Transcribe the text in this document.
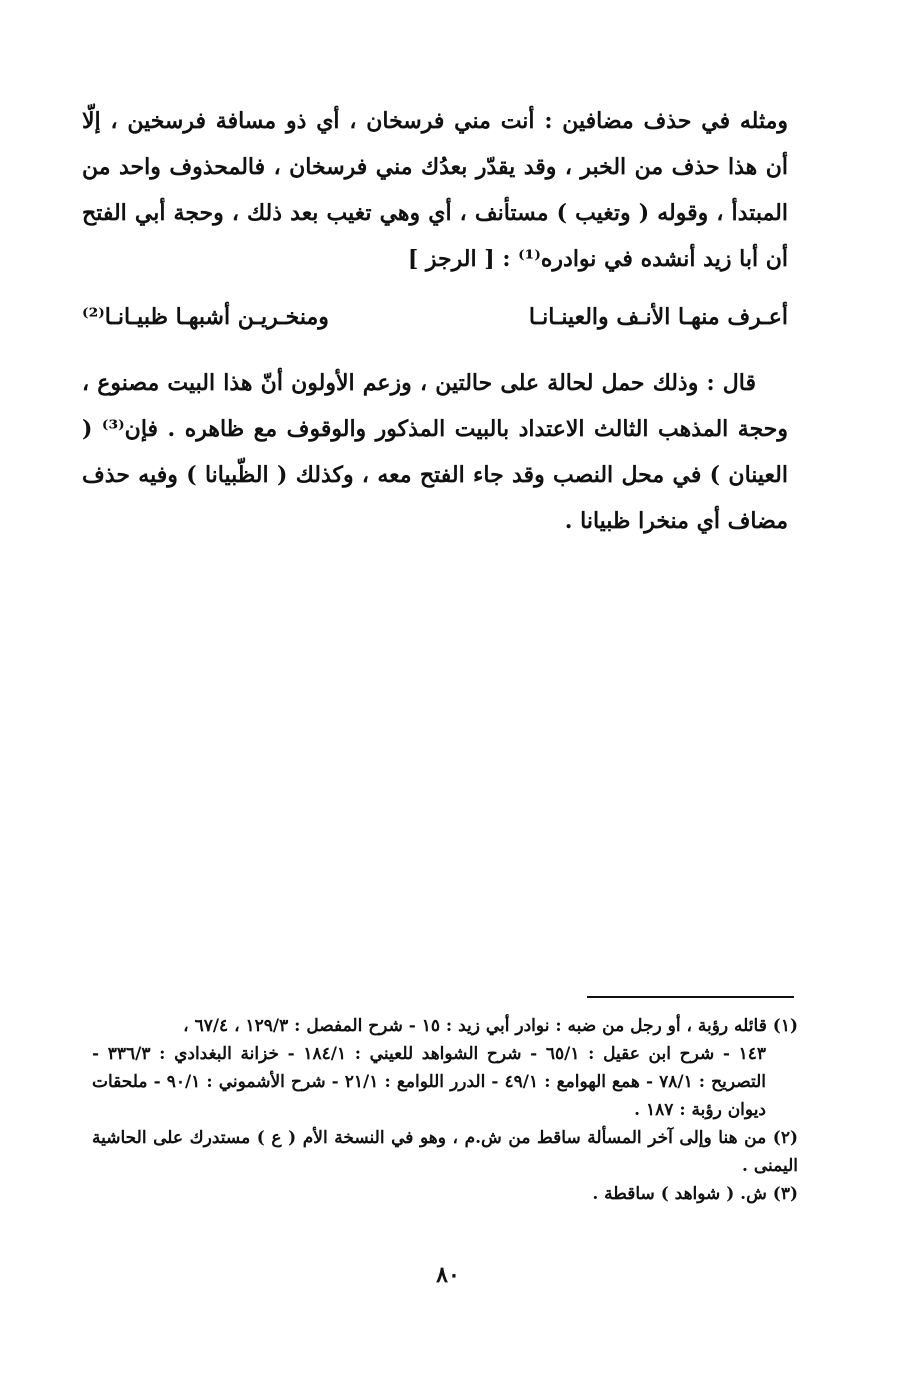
ومثله في حذف مضافين : أنت مني فرسخان ، أي ذو مسافة فرسخين ، إلّا أن هذا حذف من الخبر ، وقد يقدّر بعدُك مني فرسخان ، فالمحذوف واحد من المبتدأ ، وقوله ( وتغيب ) مستأنف ، أي وهي تغيب بعد ذلك ، وحجة أبي الفتح أن أبا زيد أنشده في نوادره⁽¹⁾ : [ الرجز ]

أعـرف منهـا الأنـف والعينـانـا
ومنخـريـن أشبهـا ظبيـانـا⁽²⁾

قال : وذلك حمل لحالة على حالتين ، وزعم الأولون أنّ هذا البيت مصنوع ، وحجة المذهب الثالث الاعتداد بالبيت المذكور والوقوف مع ظاهره . فإن⁽³⁾ ( العينان ) في محل النصب وقد جاء الفتح معه ، وكذلك ( الظّبيانا ) وفيه حذف مضاف أي منخرا ظبيانا .

(١) قائله رؤبة ، أو رجل من ضبه : نوادر أبي زيد : ١٥ - شرح المفصل : ١٢٩/٣ ، ٦٧/٤ ،
١٤٣ - شرح ابن عقيل : ٦٥/١ - شرح الشواهد للعيني : ١٨٤/١ - خزانة البغدادي : ٣٣٦/٣ - التصريح : ٧٨/١ - همع الهوامع : ٤٩/١ - الدرر اللوامع : ٢١/١ - شرح الأشموني : ٩٠/١ - ملحقات ديوان رؤبة : ١٨٧ .

(٢) من هنا وإلى آخر المسألة ساقط من ش.م ، وهو في النسخة الأم ( ع ) مستدرك على الحاشية اليمنى .

(٣) ش. ( شواهد ) ساقطة .

٨٠
